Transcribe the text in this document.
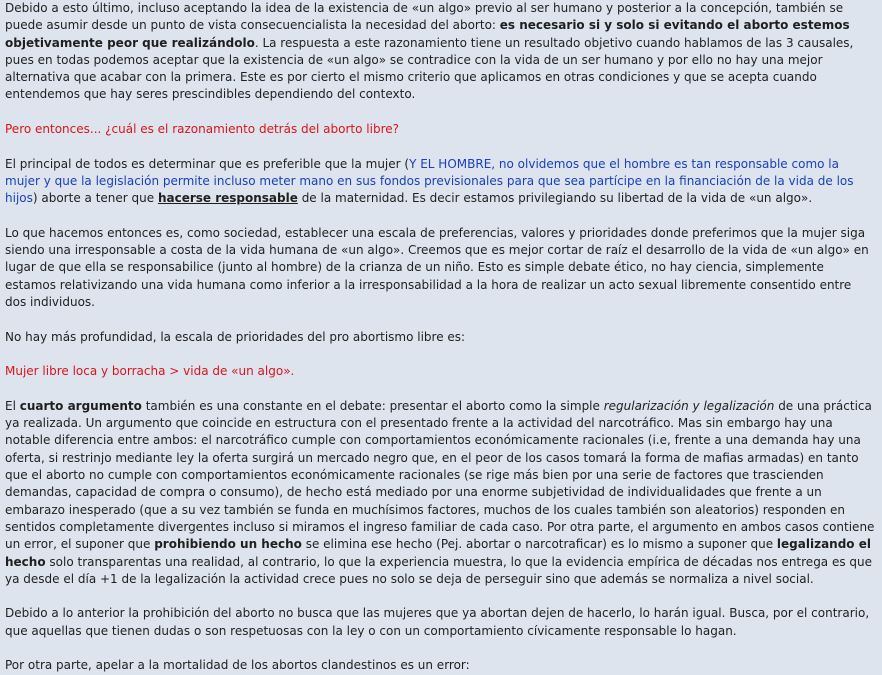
Debido a esto último, incluso aceptando la idea de la existencia de «un algo» previo al ser humano y posterior a la concepción, también se puede asumir desde un punto de vista consecuencialista la necesidad del aborto: es necesario si y solo si evitando el aborto estemos objetivamente peor que realizándolo. La respuesta a este razonamiento tiene un resultado objetivo cuando hablamos de las 3 causales, pues en todas podemos aceptar que la existencia de «un algo» se contradice con la vida de un ser humano y por ello no hay una mejor alternativa que acabar con la primera. Este es por cierto el mismo criterio que aplicamos en otras condiciones y que se acepta cuando entendemos que hay seres prescindibles dependiendo del contexto.

Pero entonces... ¿cuál es el razonamiento detrás del aborto libre?

El principal de todos es determinar que es preferible que la mujer (Y EL HOMBRE, no olvidemos que el hombre es tan responsable como la mujer y que la legislación permite incluso meter mano en sus fondos previsionales para que sea partícipe en la financiación de la vida de los hijos) aborte a tener que hacerse responsable de la maternidad. Es decir estamos privilegiando su libertad de la vida de «un algo».

Lo que hacemos entonces es, como sociedad, establecer una escala de preferencias, valores y prioridades donde preferimos que la mujer siga siendo una irresponsable a costa de la vida humana de «un algo». Creemos que es mejor cortar de raíz el desarrollo de la vida de «un algo» en lugar de que ella se responsabilice (junto al hombre) de la crianza de un niño. Esto es simple debate ético, no hay ciencia, simplemente estamos relativizando una vida humana como inferior a la irresponsabilidad a la hora de realizar un acto sexual libremente consentido entre dos individuos.

No hay más profundidad, la escala de prioridades del pro abortismo libre es:

Mujer libre loca y borracha > vida de «un algo».

El cuarto argumento también es una constante en el debate: presentar el aborto como la simple regularización y legalización de una práctica ya realizada. Un argumento que coincide en estructura con el presentado frente a la actividad del narcotráfico. Mas sin embargo hay una notable diferencia entre ambos: el narcotráfico cumple con comportamientos económicamente racionales (i.e, frente a una demanda hay una oferta, si restrinjo mediante ley la oferta surgirá un mercado negro que, en el peor de los casos tomará la forma de mafias armadas) en tanto que el aborto no cumple con comportamientos económicamente racionales (se rige más bien por una serie de factores que trascienden demandas, capacidad de compra o consumo), de hecho está mediado por una enorme subjetividad de individualidades que frente a un embarazo inesperado (que a su vez también se funda en muchísimos factores, muchos de los cuales también son aleatorios) responden en sentidos completamente divergentes incluso si miramos el ingreso familiar de cada caso. Por otra parte, el argumento en ambos casos contiene un error, el suponer que prohibiendo un hecho se elimina ese hecho (Pej. abortar o narcotraficar) es lo mismo a suponer que legalizando el hecho solo transparentas una realidad, al contrario, lo que la experiencia muestra, lo que la evidencia empírica de décadas nos entrega es que ya desde el día +1 de la legalización la actividad crece pues no solo se deja de perseguir sino que además se normaliza a nivel social.

Debido a lo anterior la prohibición del aborto no busca que las mujeres que ya abortan dejen de hacerlo, lo harán igual. Busca, por el contrario, que aquellas que tienen dudas o son respetuosas con la ley o con un comportamiento cívicamente responsable lo hagan.

Por otra parte, apelar a la mortalidad de los abortos clandestinos es un error:
